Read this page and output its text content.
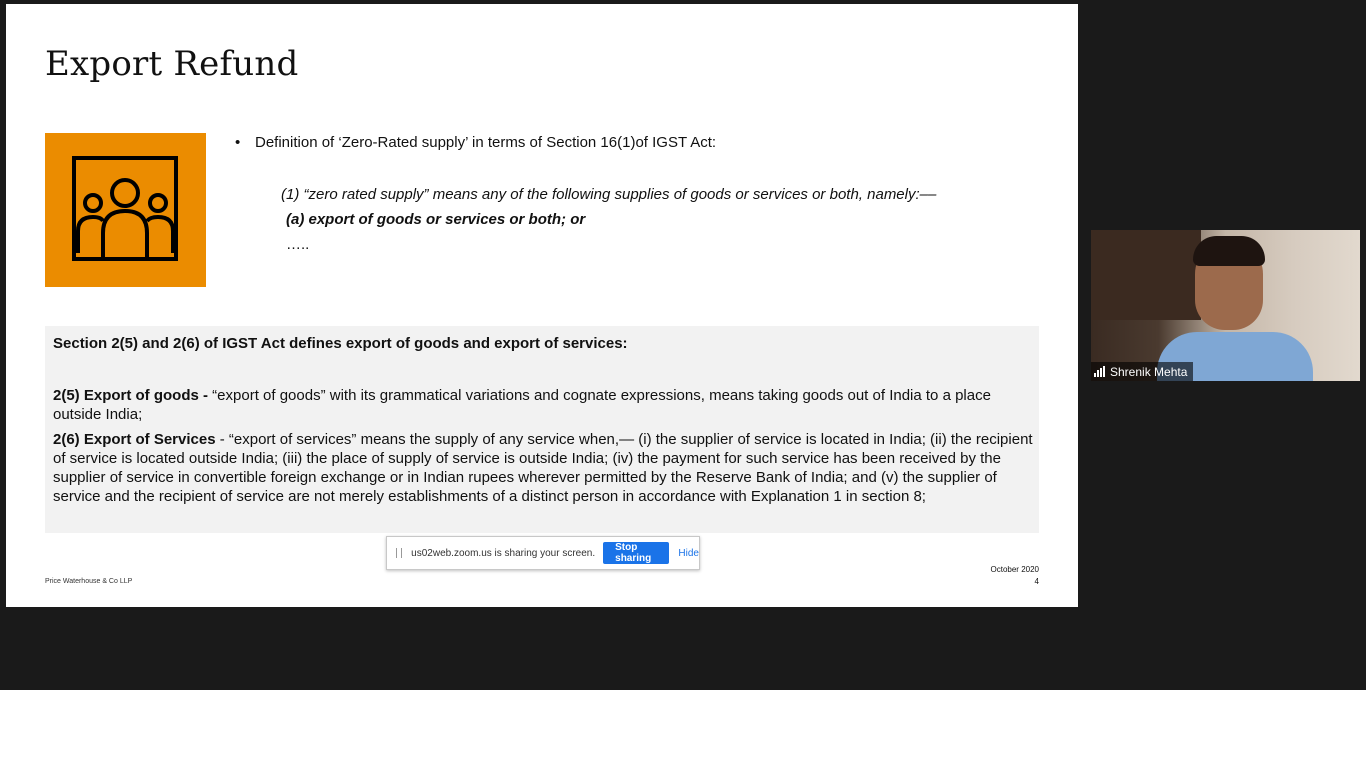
Export Refund
• Definition of ‘Zero-Rated supply’ in terms of Section 16(1)of IGST Act:
(1) “zero rated supply” means any of the following supplies of goods or services or both, namely:––
(a) export of goods or services or both; or
…..
Section 2(5) and 2(6) of IGST Act defines export of goods and export of services:
2(5) Export of goods - “export of goods” with its grammatical variations and cognate expressions, means taking goods out of India to a place outside India;
2(6) Export of Services - “export of services” means the supply of any service when,— (i) the supplier of service is located in India; (ii) the recipient of service is located outside India; (iii) the place of supply of service is outside India; (iv) the payment for such service has been received by the supplier of service in convertible foreign exchange or in Indian rupees wherever permitted by the Reserve Bank of India; and (v) the supplier of service and the recipient of service are not merely establishments of a distinct person in accordance with Explanation 1 in section 8;
Price Waterhouse & Co LLP
October 2020
4
us02web.zoom.us is sharing your screen.	Stop sharing	Hide
Shrenik Mehta
